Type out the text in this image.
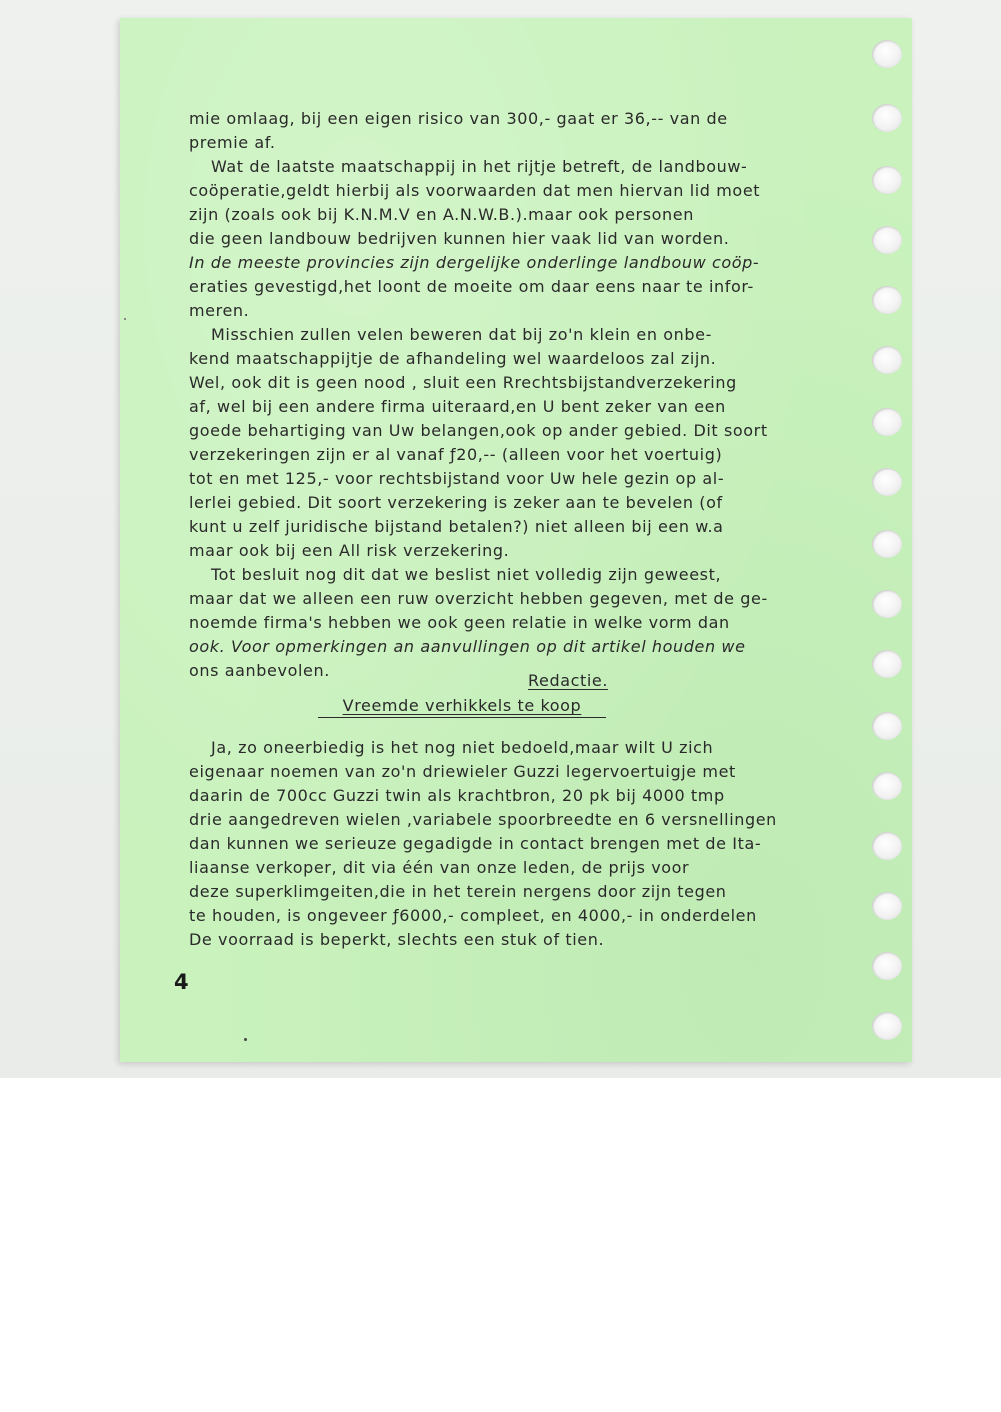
mie omlaag, bij een eigen risico van 300,- gaat er 36,-- van de
premie af.
Wat de laatste maatschappij in het rijtje betreft, de landbouw-
coöperatie,geldt hierbij als voorwaarden dat men hiervan lid moet
zijn (zoals ook bij K.N.M.V en A.N.W.B.).maar ook personen
die geen landbouw bedrijven kunnen hier vaak lid van worden.
In de meeste provincies zijn dergelijke onderlinge landbouw coöp-
eraties gevestigd,het loont de moeite om daar eens naar te infor-
meren.
Misschien zullen velen beweren dat bij zo'n klein en onbe-
kend maatschappijtje de afhandeling wel waardeloos zal zijn.
Wel, ook dit is geen nood , sluit een Rrechtsbijstandverzekering
af, wel bij een andere firma uiteraard,en U bent zeker van een
goede behartiging van Uw belangen,ook op ander gebied. Dit soort
verzekeringen zijn er al vanaf ƒ20,-- (alleen voor het voertuig)
tot en met 125,- voor rechtsbijstand voor Uw hele gezin op al-
lerlei gebied. Dit soort verzekering is zeker aan te bevelen (of
kunt u zelf juridische bijstand betalen?) niet alleen bij een w.a
maar ook bij een All risk verzekering.
Tot besluit nog dit dat we beslist niet volledig zijn geweest,
maar dat we alleen een ruw overzicht hebben gegeven, met de ge-
noemde firma's hebben we ook geen relatie in welke vorm dan
ook. Voor opmerkingen an aanvullingen op dit artikel houden we
ons aanbevolen.
Redactie.
Vreemde verhikkels te koop
Ja, zo oneerbiedig is het nog niet bedoeld,maar wilt U zich
eigenaar noemen van zo'n driewieler Guzzi legervoertuigje met
daarin de 700cc Guzzi twin als krachtbron, 20 pk bij 4000 tmp
drie aangedreven wielen ,variabele spoorbreedte en 6 versnellingen
dan kunnen we serieuze gegadigde in contact brengen met de Ita-
liaanse verkoper, dit via één van onze leden, de prijs voor
deze superklimgeiten,die in het terein nergens door zijn tegen
te houden, is ongeveer ƒ6000,- compleet, en 4000,- in onderdelen
De voorraad is beperkt, slechts een stuk of tien.
4
